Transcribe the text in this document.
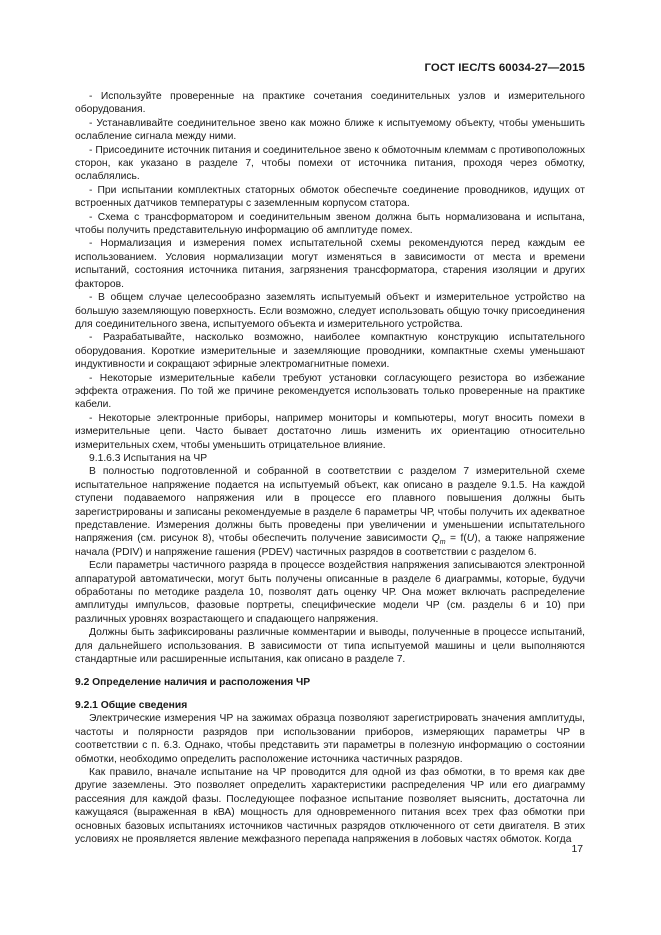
ГОСТ IEC/TS 60034-27—2015

- Используйте проверенные на практике сочетания соединительных узлов и измерительного оборудования.

- Устанавливайте соединительное звено как можно ближе к испытуемому объекту, чтобы уменьшить ослабление сигнала между ними.

- Присоедините источник питания и соединительное звено к обмоточным клеммам с противоположных сторон, как указано в разделе 7, чтобы помехи от источника питания, проходя через обмотку, ослаблялись.

- При испытании комплектных статорных обмоток обеспечьте соединение проводников, идущих от встроенных датчиков температуры с заземленным корпусом статора.

- Схема с трансформатором и соединительным звеном должна быть нормализована и испытана, чтобы получить представительную информацию об амплитуде помех.

- Нормализация и измерения помех испытательной схемы рекомендуются перед каждым ее использованием. Условия нормализации могут изменяться в зависимости от места и времени испытаний, состояния источника питания, загрязнения трансформатора, старения изоляции и других факторов.

- В общем случае целесообразно заземлять испытуемый объект и измерительное устройство на большую заземляющую поверхность. Если возможно, следует использовать общую точку присоединения для соединительного звена, испытуемого объекта и измерительного устройства.

- Разрабатывайте, насколько возможно, наиболее компактную конструкцию испытательного оборудования. Короткие измерительные и заземляющие проводники, компактные схемы уменьшают индуктивности и сокращают эфирные электромагнитные помехи.

- Некоторые измерительные кабели требуют установки согласующего резистора во избежание эффекта отражения. По той же причине рекомендуется использовать только проверенные на практике кабели.

- Некоторые электронные приборы, например мониторы и компьютеры, могут вносить помехи в измерительные цепи. Часто бывает достаточно лишь изменить их ориентацию относительно измерительных схем, чтобы уменьшить отрицательное влияние.

9.1.6.3 Испытания на ЧР

В полностью подготовленной и собранной в соответствии с разделом 7 измерительной схеме испытательное напряжение подается на испытуемый объект, как описано в разделе 9.1.5. На каждой ступени подаваемого напряжения или в процессе его плавного повышения должны быть зарегистрированы и записаны рекомендуемые в разделе 6 параметры ЧР, чтобы получить их адекватное представление. Измерения должны быть проведены при увеличении и уменьшении испытательного напряжения (см. рисунок 8), чтобы обеспечить получение зависимости $Q_m = f(U)$, а также напряжение начала (PDIV) и напряжение гашения (PDEV) частичных разрядов в соответствии с разделом 6.

Если параметры частичного разряда в процессе воздействия напряжения записываются электронной аппаратурой автоматически, могут быть получены описанные в разделе 6 диаграммы, которые, будучи обработаны по методике раздела 10, позволят дать оценку ЧР. Она может включать распределение амплитуды импульсов, фазовые портреты, специфические модели ЧР (см. разделы 6 и 10) при различных уровнях возрастающего и спадающего напряжения.

Должны быть зафиксированы различные комментарии и выводы, полученные в процессе испытаний, для дальнейшего использования. В зависимости от типа испытуемой машины и цели выполняются стандартные или расширенные испытания, как описано в разделе 7.

9.2 Определение наличия и расположения ЧР

9.2.1 Общие сведения

Электрические измерения ЧР на зажимах образца позволяют зарегистрировать значения амплитуды, частоты и полярности разрядов при использовании приборов, измеряющих параметры ЧР в соответствии с п. 6.3. Однако, чтобы представить эти параметры в полезную информацию о состоянии обмотки, необходимо определить расположение источника частичных разрядов.

Как правило, вначале испытание на ЧР проводится для одной из фаз обмотки, в то время как две другие заземлены. Это позволяет определить характеристики распределения ЧР или его диаграмму рассеяния для каждой фазы. Последующее пофазное испытание позволяет выяснить, достаточна ли кажущаяся (выраженная в кВА) мощность для одновременного питания всех трех фаз обмотки при основных базовых испытаниях источников частичных разрядов отключенного от сети двигателя. В этих условиях не проявляется явление межфазного перепада напряжения в лобовых частях обмоток. Когда

17
